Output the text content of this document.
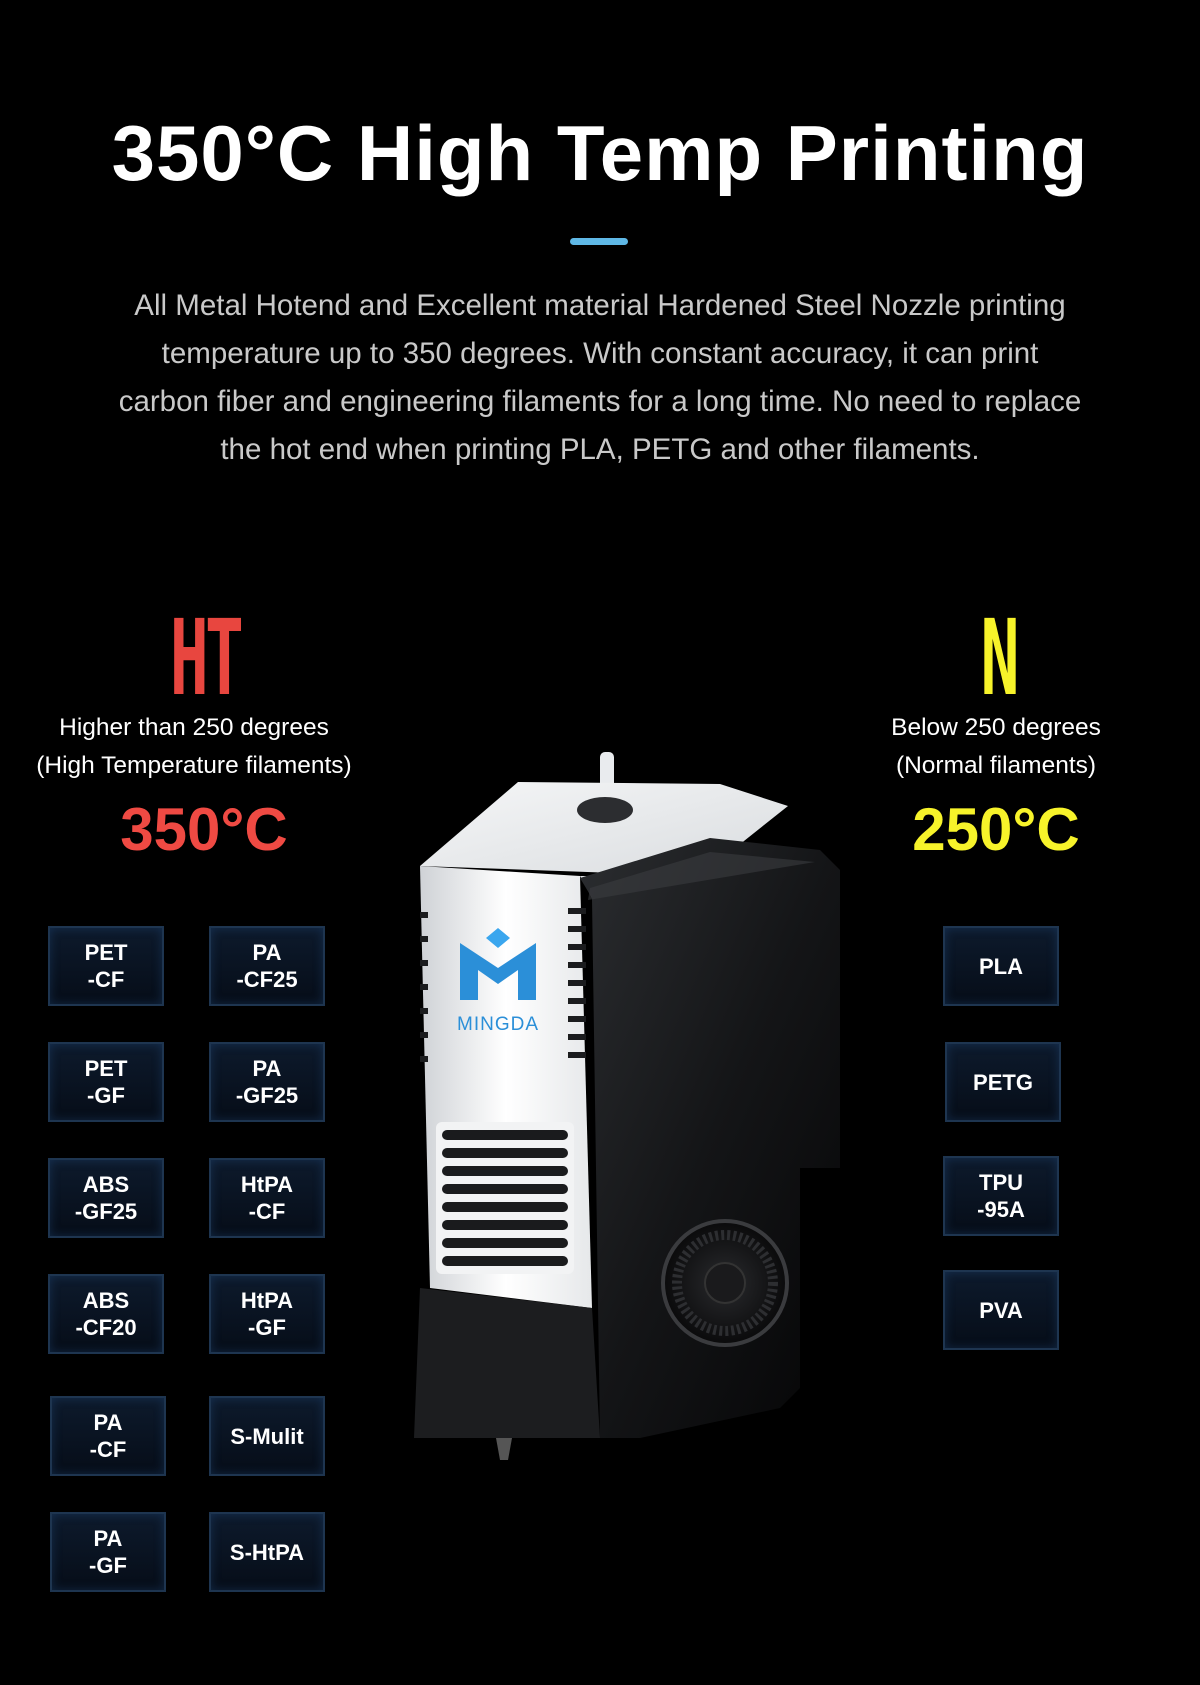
350°C High Temp Printing

All Metal Hotend and Excellent material Hardened Steel Nozzle printing
temperature up to 350 degrees. With constant accuracy, it can print
carbon fiber and engineering filaments for a long time. No need to replace
the hot end when printing PLA, PETG and other filaments.

HT
Higher than 250 degrees
(High Temperature filaments)
350°C
PET
-CF
PA
-CF25
PET
-GF
PA
-GF25
ABS
-GF25
HtPA
-CF
ABS
-CF20
HtPA
-GF
PA
-CF
S-Mulit
PA
-GF
S-HtPA
N
Below 250 degrees
(Normal filaments)
250°C
PLA
PETG
TPU
-95A
PVA
MINGDA
